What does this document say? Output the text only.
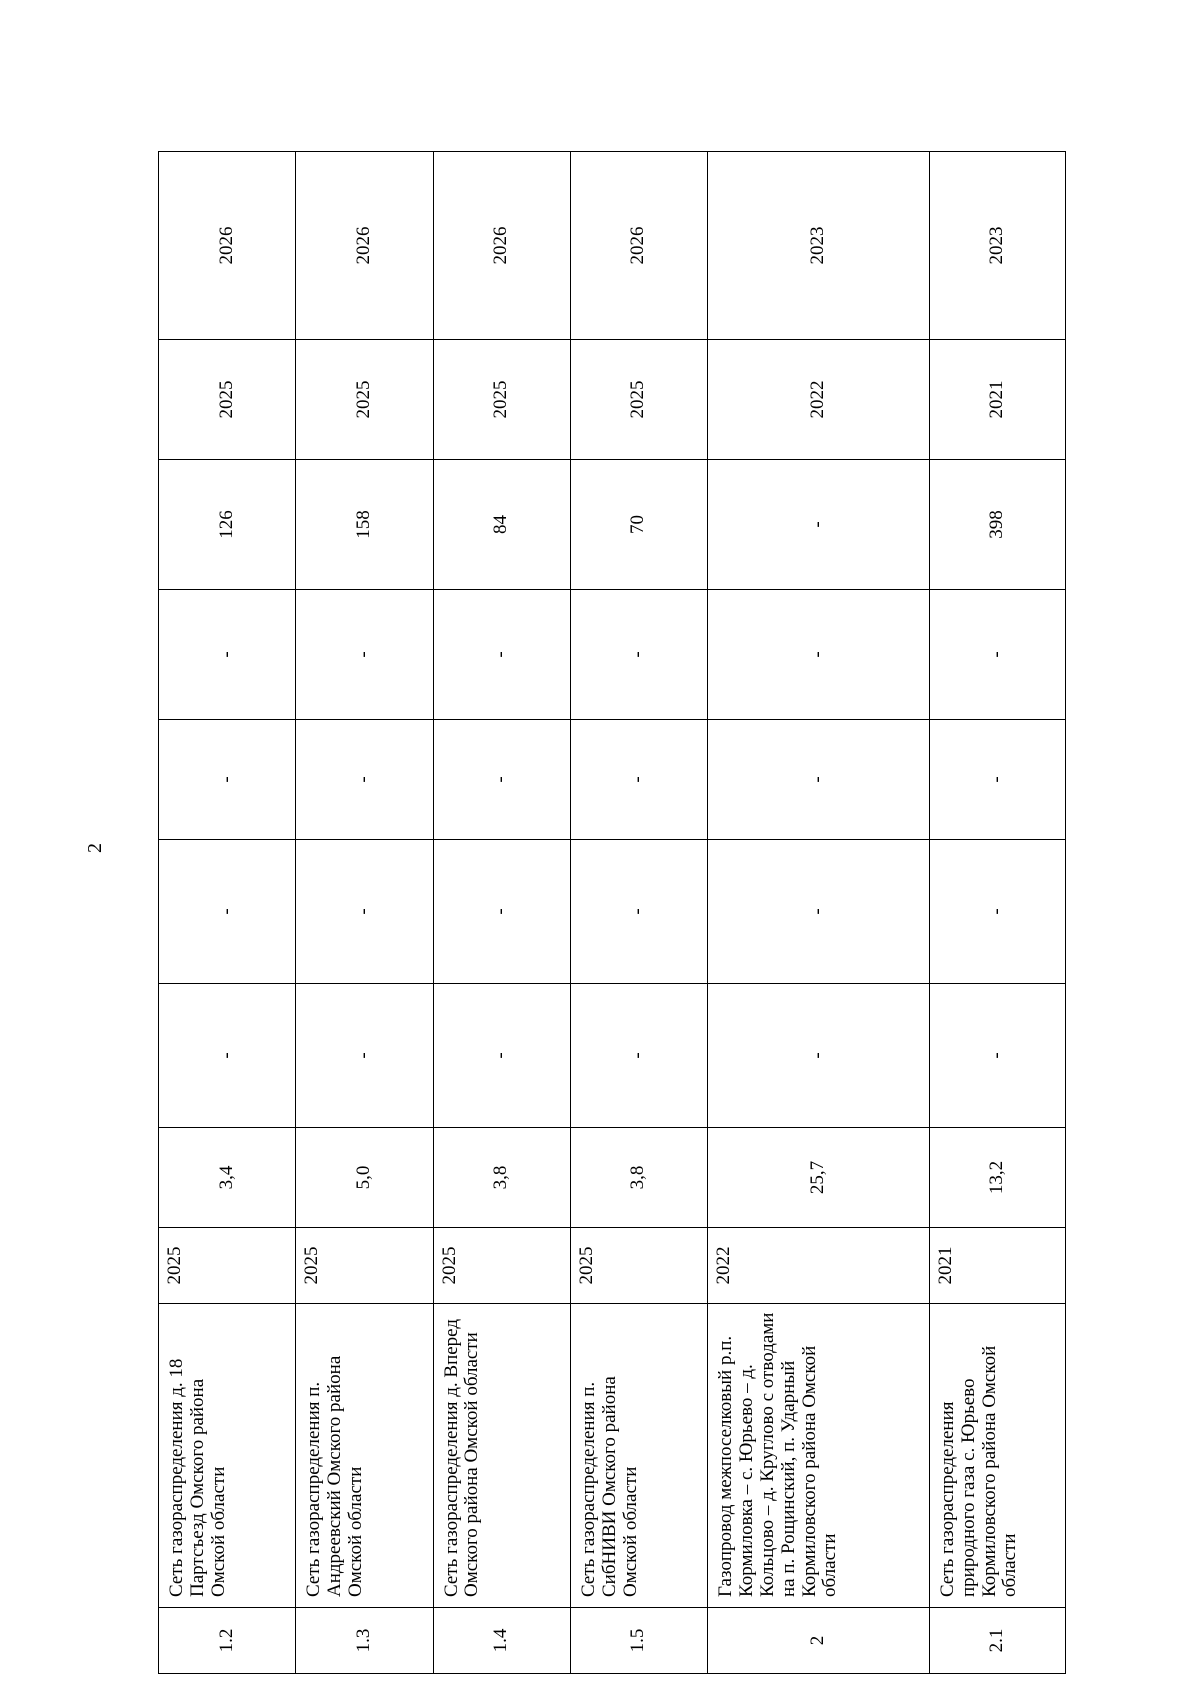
2
1.2	Сеть газораспределения д. 18 Партсъезд Омского района Омской области	2025	3,4	-	-	-	-	126	2025	2026
1.3	Сеть газораспределения п. Андреевский Омского района Омской области	2025	5,0	-	-	-	-	158	2025	2026
1.4	Сеть газораспределения д. Вперед Омского района Омской области	2025	3,8	-	-	-	-	84	2025	2026
1.5	Сеть газораспределения п. СибНИВИ Омского района Омской области	2025	3,8	-	-	-	-	70	2025	2026
2	Газопровод межпоселковый р.п. Кормиловка – с. Юрьево – д. Кольцово – д. Круглово с отводами на п. Рощинский, п. Ударный Кормиловского района Омской области	2022	25,7	-	-	-	-	-	2022	2023
2.1	Сеть газораспределения природного газа с. Юрьево Кормиловского района Омской области	2021	13,2	-	-	-	-	398	2021	2023
